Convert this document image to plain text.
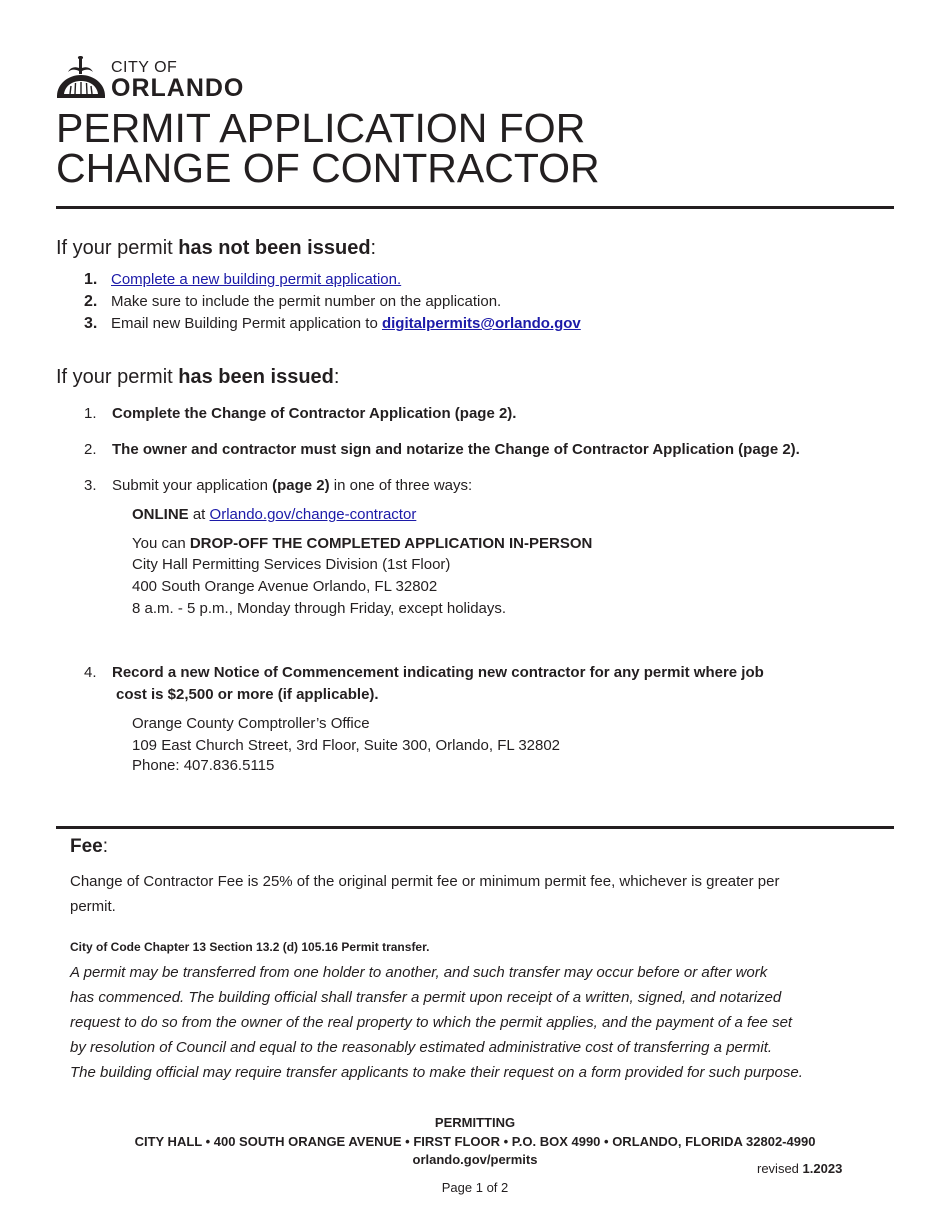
CITY OF
ORLANDO
PERMIT APPLICATION FOR
CHANGE OF CONTRACTOR
If your permit has not been issued:
1. Complete a new building permit application.
2. Make sure to include the permit number on the application.
3. Email new Building Permit application to digitalpermits@orlando.gov
If your permit has been issued:
1. Complete the Change of Contractor Application (page 2).
2. The owner and contractor must sign and notarize the Change of Contractor Application (page 2).
3. Submit your application (page 2) in one of three ways:
ONLINE at Orlando.gov/change-contractor
You can DROP-OFF THE COMPLETED APPLICATION IN-PERSON
City Hall Permitting Services Division (1st Floor)
400 South Orange Avenue Orlando, FL 32802
8 a.m. - 5 p.m., Monday through Friday, except holidays.
4. Record a new Notice of Commencement indicating new contractor for any permit where job
cost is $2,500 or more (if applicable).
Orange County Comptroller’s Office
109 East Church Street, 3rd Floor, Suite 300, Orlando, FL 32802
Phone: 407.836.5115
Fee:
Change of Contractor Fee is 25% of the original permit fee or minimum permit fee, whichever is greater per
permit.
City of Code Chapter 13 Section 13.2 (d) 105.16 Permit transfer.
A permit may be transferred from one holder to another, and such transfer may occur before or after work
has commenced. The building official shall transfer a permit upon receipt of a written, signed, and notarized
request to do so from the owner of the real property to which the permit applies, and the payment of a fee set
by resolution of Council and equal to the reasonably estimated administrative cost of transferring a permit.
The building official may require transfer applicants to make their request on a form provided for such purpose.
PERMITTING
CITY HALL • 400 SOUTH ORANGE AVENUE • FIRST FLOOR • P.O. BOX 4990 • ORLANDO, FLORIDA 32802-4990
orlando.gov/permits
revised 1.2023
Page 1 of 2
